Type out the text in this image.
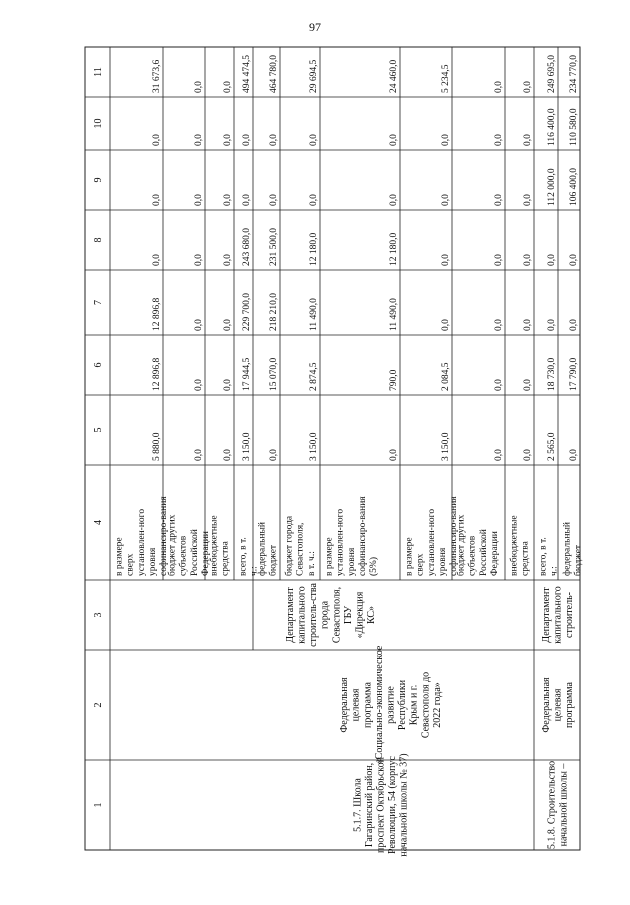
97
1
2
3
4
5
6
7
8
9
10
11
5 880,0
12 896,8
12 896,8
0,0
0,0
0,0
31 673,6
в размересверхустановлен-ногоуровнясофинансиро-вания
0,0
0,0
0,0
0,0
0,0
0,0
0,0
бюджет другихсубъектовРоссийскойФедерации
0,0
0,0
0,0
0,0
0,0
0,0
0,0
внебюджетныесредства
3 150,0
17 944,5
229 700,0
243 680,0
0,0
0,0
494 474,5
всего, в т.ч.:
0,0
15 070,0
218 210,0
231 500,0
0,0
0,0
464 780,0
федеральныйбюджет
3 150,0
2 874,5
11 490,0
12 180,0
0,0
0,0
29 694,5
бюджет городаСевастополя,в т. ч.:
0,0
790,0
11 490,0
12 180,0
0,0
0,0
24 460,0
в размереустановлен-ногоуровнясофинансиро-вания(5%)
3 150,0
2 084,5
0,0
0,0
0,0
0,0
5 234,5
в размересверхустановлен-ногоуровнясофинансиро-вания
0,0
0,0
0,0
0,0
0,0
0,0
0,0
бюджет другихсубъектовРоссийскойФедерации
0,0
0,0
0,0
0,0
0,0
0,0
0,0
внебюджетныесредства
2 565,0
18 730,0
0,0
0,0
112 000,0
116 400,0
249 695,0
всего, в т.ч.:
0,0
17 790,0
0,0
0,0
106 400,0
110 580,0
234 770,0
федеральныйбюджет
5.1.7. ШколаГагаринский район,проспект ОктябрьскойРеволюции, 54 (корпусначальной школы № 37)
Федеральнаяцелеваяпрограмма«Социально-экономическоеразвитиеРеспубликиКрым и г.Севастополя до2022 года»
Департаменткапитальногостроитель-ствагородаСевастополя,ГБУ«ДирекцияКС»
5.1.8. Строительствоначальной школы –
Федеральнаяцелеваяпрограмма
Департаменткапитальногостроитель-
